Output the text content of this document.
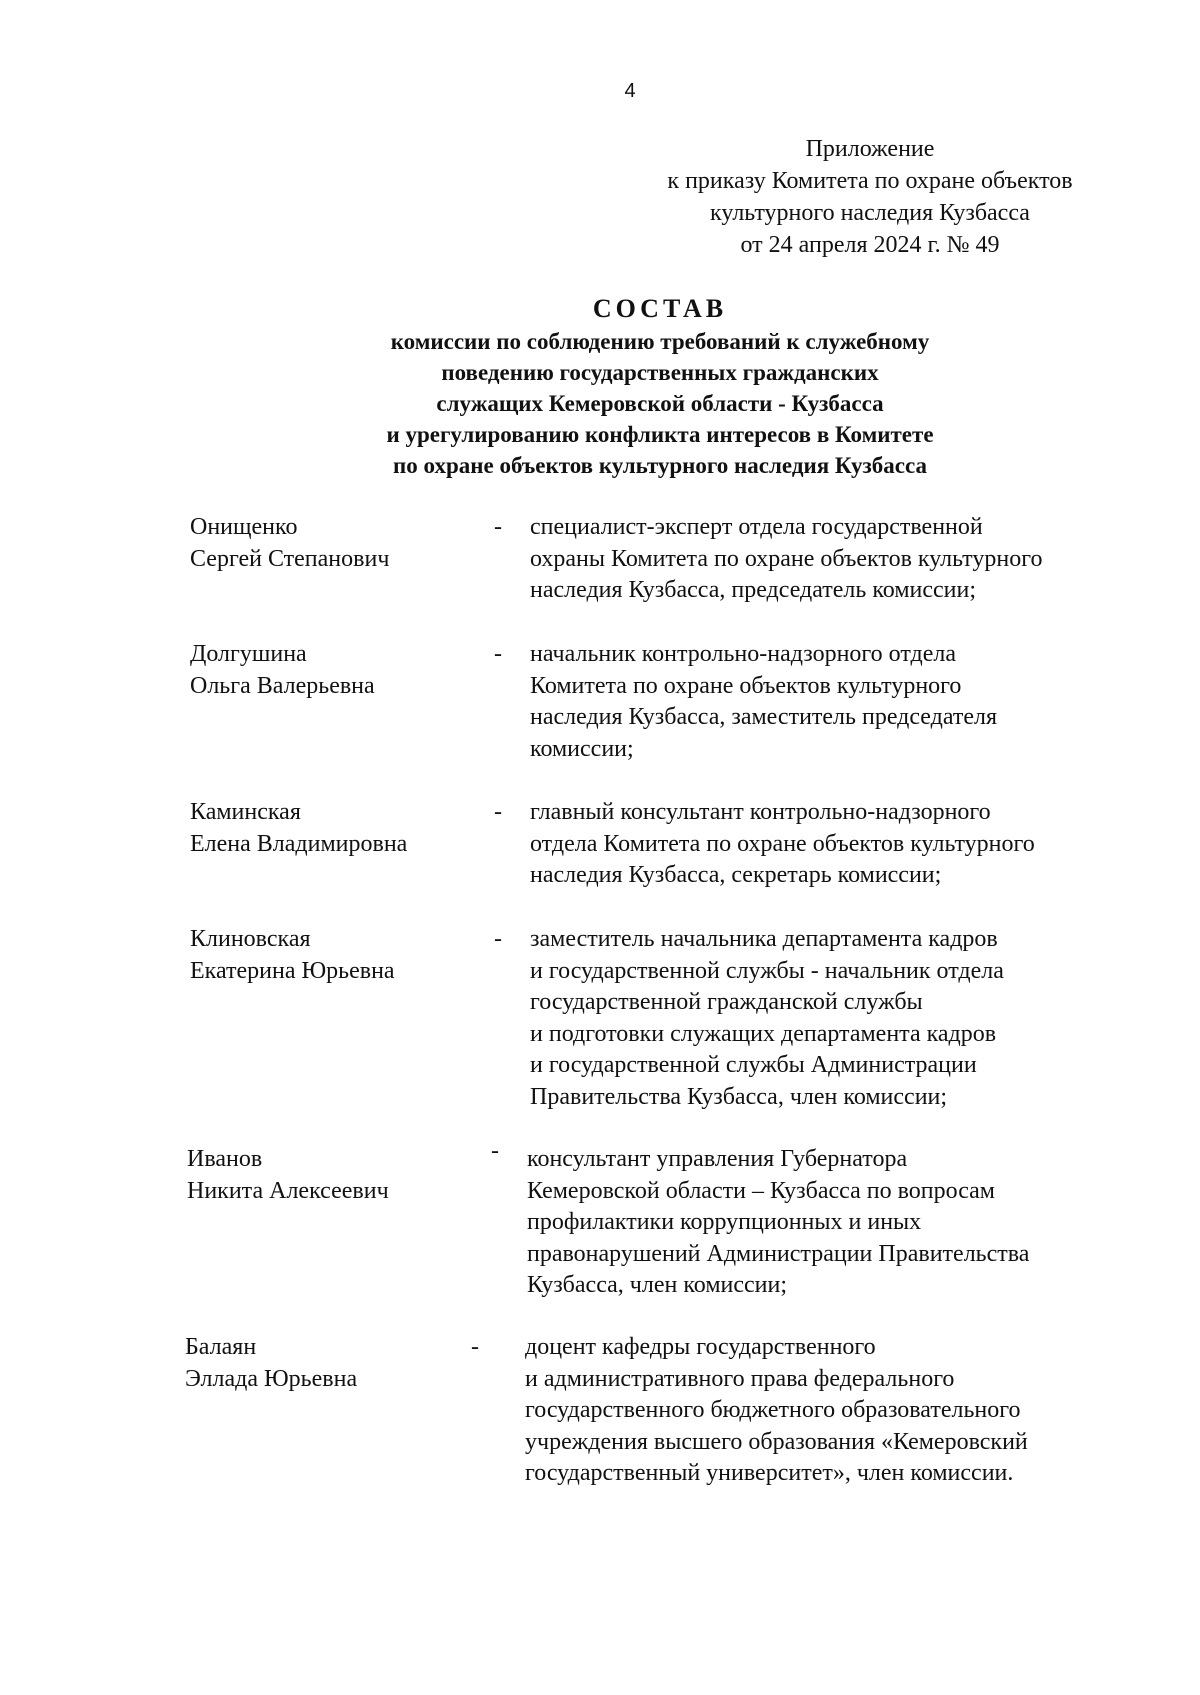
4
Приложение
к приказу Комитета по охране объектов
культурного наследия Кузбасса
от 24 апреля 2024 г. № 49
СОСТАВ
комиссии по соблюдению требований к служебному
поведению государственных гражданских
служащих Кемеровской области - Кузбасса
и урегулированию конфликта интересов в Комитете
по охране объектов культурного наследия Кузбасса
Онищенко
Сергей Степанович
- специалист-эксперт отдела государственной
охраны Комитета по охране объектов культурного
наследия Кузбасса, председатель комиссии;
Долгушина
Ольга Валерьевна
- начальник контрольно-надзорного отдела
Комитета по охране объектов культурного
наследия Кузбасса, заместитель председателя
комиссии;
Каминская
Елена Владимировна
- главный консультант контрольно-надзорного
отдела Комитета по охране объектов культурного
наследия Кузбасса, секретарь комиссии;
Клиновская
Екатерина Юрьевна
- заместитель начальника департамента кадров
и государственной службы - начальник отдела
государственной гражданской службы
и подготовки служащих департамента кадров
и государственной службы Администрации
Правительства Кузбасса, член комиссии;
Иванов
Никита Алексеевич
- консультант управления Губернатора
Кемеровской области – Кузбасса по вопросам
профилактики коррупционных и иных
правонарушений Администрации Правительства
Кузбасса, член комиссии;
Балаян
Эллада Юрьевна
- доцент кафедры государственного
и административного права федерального
государственного бюджетного образовательного
учреждения высшего образования «Кемеровский
государственный университет», член комиссии.
